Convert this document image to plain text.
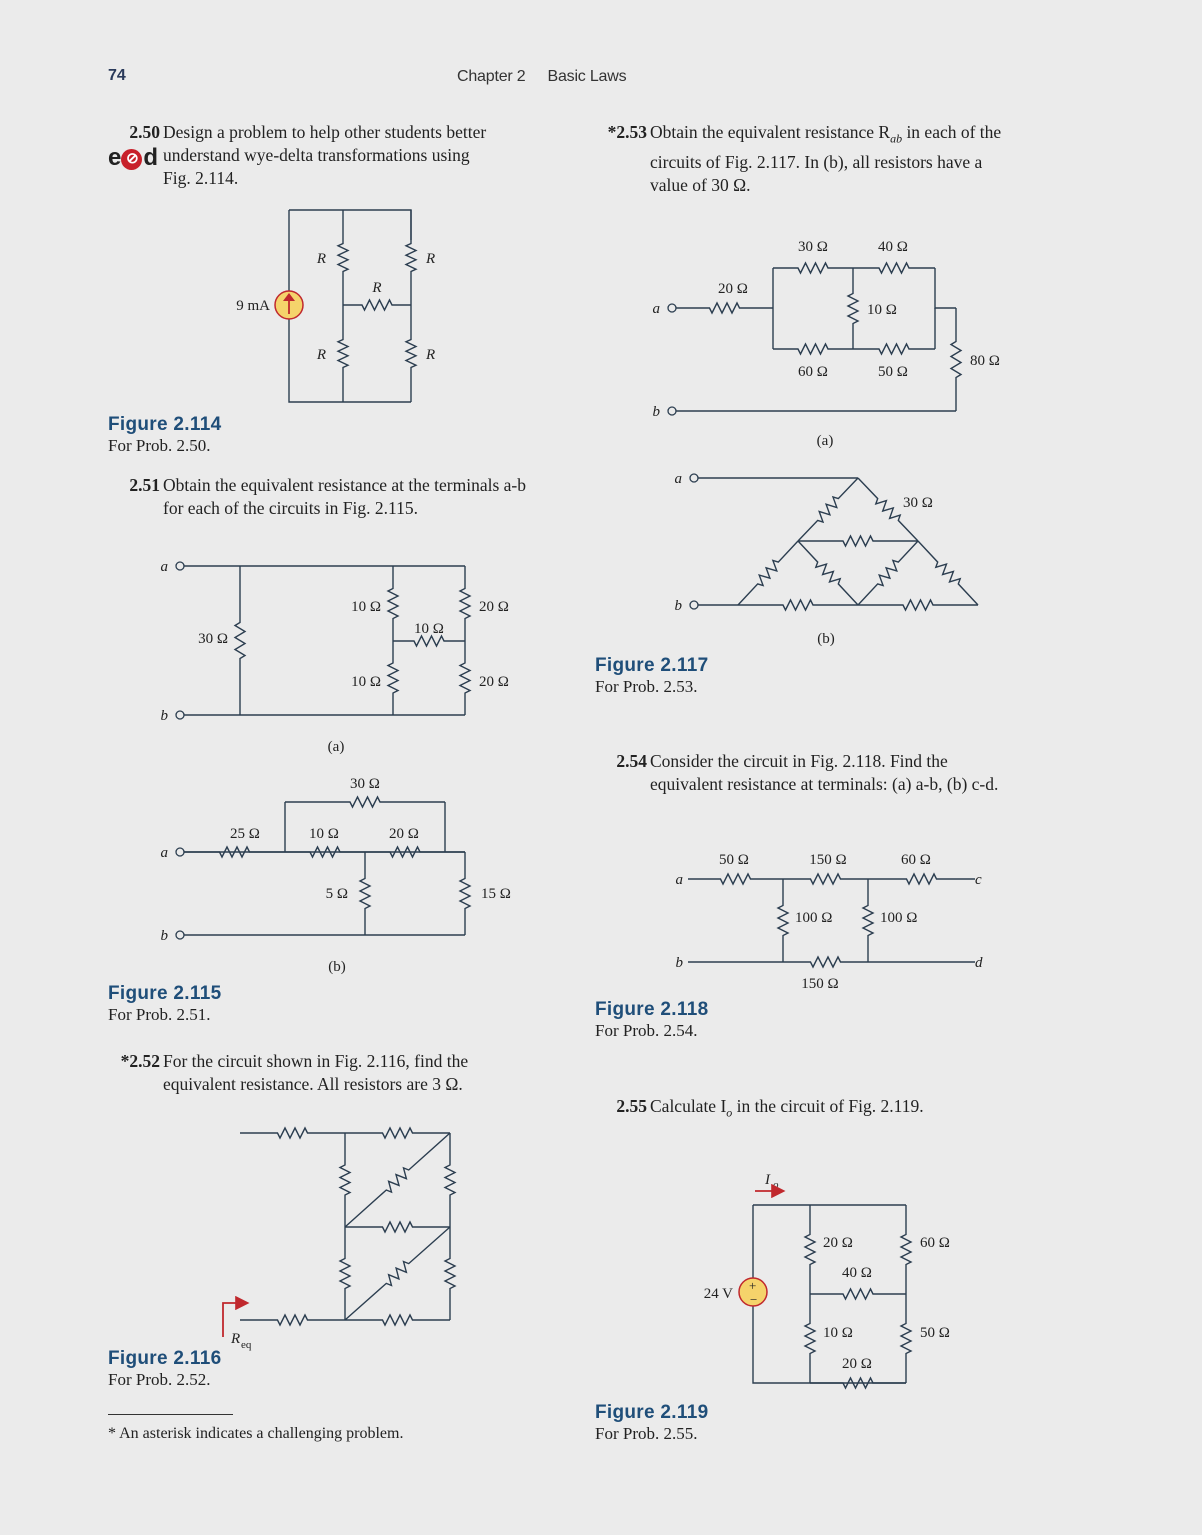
74	Chapter 2 Basic Laws
e ⊘ d
2.50 Design a problem to help other students better
understand wye-delta transformations using
Fig. 2.114.
2.51 Obtain the equivalent resistance at the terminals a-b
for each of the circuits in Fig. 2.115.
*2.52 For the circuit shown in Fig. 2.116, find the
equivalent resistance. All resistors are 3 Ω.
*2.53 Obtain the equivalent resistance $R_{ab}$ in each of the
circuits of Fig. 2.117. In (b), all resistors have a
value of 30 Ω.
2.54 Consider the circuit in Fig. 2.118. Find the
equivalent resistance at terminals: (a) a-b, (b) c-d.
2.55 Calculate $I_o$ in the circuit of Fig. 2.119.
Figure 2.114
For Prob. 2.50.
Figure 2.115
For Prob. 2.51.
Figure 2.116
For Prob. 2.52.
Figure 2.117
For Prob. 2.53.
Figure 2.118
For Prob. 2.54.
Figure 2.119
For Prob. 2.55.
* An asterisk indicates a challenging problem.
R	R
R
R	R
9 mA
a
b
30 Ω
10 Ω
10 Ω
10 Ω
20 Ω
20 Ω
(a)
a
b
25 Ω	10 Ω	20 Ω
30 Ω
5 Ω	15 Ω
(b)
R eq
a
b
20 Ω
30 Ω	40 Ω
10 Ω
60 Ω	50 Ω
80 Ω
(a)
a
b
30 Ω
(b)
a
b
c
d
50 Ω	150 Ω	60 Ω
100 Ω	100 Ω
150 Ω
I o
24 V
20 Ω
40 Ω
60 Ω
10 Ω	50 Ω
20 Ω
+
−
